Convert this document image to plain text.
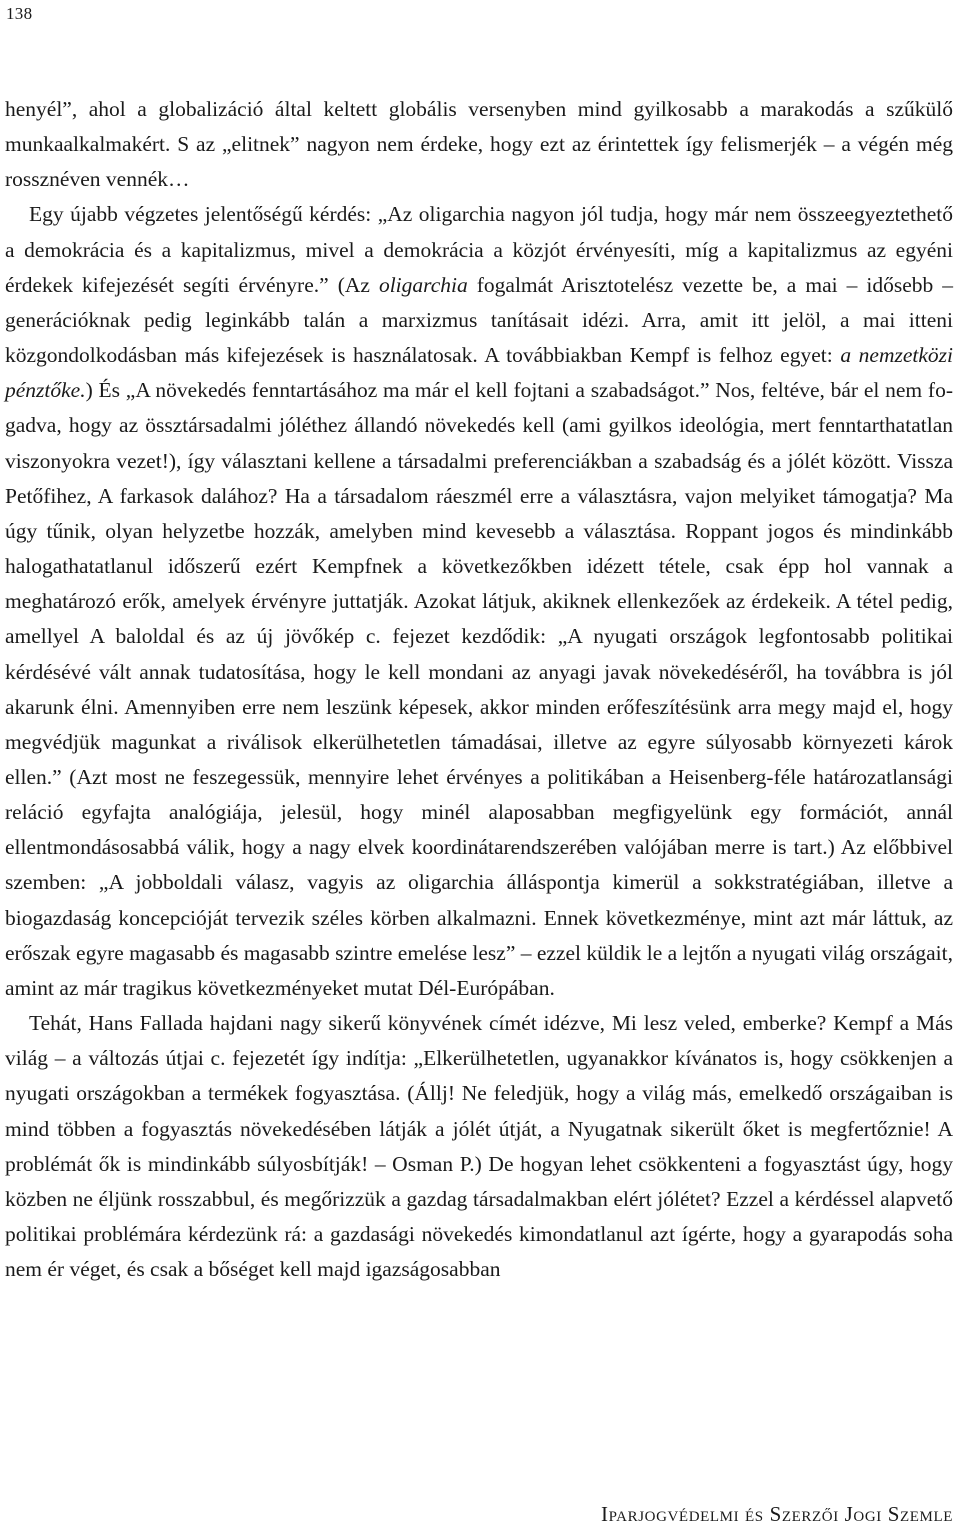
138

henyél”, ahol a globalizáció által keltett globális versenyben mind gyilkosabb a marakodás a szűkülő munkaalkalmakért. S az „elitnek” nagyon nem érdeke, hogy ezt az érintettek így felismerjék – a végén még rossznéven vennék…

Egy újabb végzetes jelentőségű kérdés: „Az oligarchia nagyon jól tudja, hogy már nem összeegyeztethető a demokrácia és a kapitalizmus, mivel a demokrácia a közjót érvényesíti, míg a kapitalizmus az egyéni érdekek kifejezését segíti érvényre.” (Az oligarchia fogalmát Arisztotelész vezette be, a mai – idősebb – generációknak pedig leginkább talán a marxizmus tanításait idézi. Arra, amit itt jelöl, a mai itteni közgondolkodásban más kifejezések is használatosak. A továbbiakban Kempf is felhoz egyet: a nemzetközi pénztőke.) És „A növekedés fenntartásához ma már el kell fojtani a szabadságot.” Nos, feltéve, bár el nem fogadva, hogy az össztársadalmi jóléthez állandó növekedés kell (ami gyilkos ideológia, mert fenntarthatatlan viszonyokra vezet!), így választani kellene a társadalmi preferenciákban a szabadság és a jólét között. Vissza Petőfihez, A farkasok dalához? Ha a társadalom ráeszmél erre a választásra, vajon melyiket támogatja? Ma úgy tűnik, olyan helyzetbe hozzák, amelyben mind kevesebb a választása. Roppant jogos és mindinkább halogathatatlanul időszerű ezért Kempfnek a következőkben idézett tétele, csak épp hol vannak a meghatározó erők, amelyek érvényre juttatják. Azokat látjuk, akiknek ellenkezőek az érdekeik. A tétel pedig, amellyel A baloldal és az új jövőkép c. fejezet kezdődik: „A nyugati országok legfontosabb politikai kérdésévé vált annak tudatosítása, hogy le kell mondani az anyagi javak növekedéséről, ha továbbra is jól akarunk élni. Amennyiben erre nem leszünk képesek, akkor minden erőfeszítésünk arra megy majd el, hogy megvédjük magunkat a riválisok elkerülhetetlen támadásai, illetve az egyre súlyosabb környezeti károk ellen.” (Azt most ne feszegessük, mennyire lehet érvényes a politikában a Heisenberg-féle határozatlansági reláció egyfajta analógiája, jelesül, hogy minél alaposabban megfigyelünk egy formációt, annál ellentmondásosabbá válik, hogy a nagy elvek koordinátarendszerében valójában merre is tart.) Az előbbivel szemben: „A jobboldali válasz, vagyis az oligarchia álláspontja kimerül a sokkstratégiában, illetve a biogazdaság koncepcióját tervezik széles körben alkalmazni. Ennek következménye, mint azt már láttuk, az erőszak egyre magasabb és magasabb szintre emelése lesz” – ezzel küldik le a lejtőn a nyugati világ országait, amint az már tragikus következményeket mutat Dél-Európában.

Tehát, Hans Fallada hajdani nagy sikerű könyvének címét idézve, Mi lesz veled, emberke? Kempf a Más világ – a változás útjai c. fejezetét így indítja: „Elkerülhetetlen, ugyanakkor kívánatos is, hogy csökkenjen a nyugati országokban a termékek fogyasztása. (Állj! Ne feledjük, hogy a világ más, emelkedő országaiban is mind többen a fogyasztás növekedésében látják a jólét útját, a Nyugatnak sikerült őket is megfertőznie! A problémát ők is mindinkább súlyosbítják! – Osman P.) De hogyan lehet csökkenteni a fogyasztást úgy, hogy közben ne éljünk rosszabbul, és megőrizzük a gazdag társadalmakban elért jólétet? Ezzel a kérdéssel alapvető politikai problémára kérdezünk rá: a gazdasági növekedés kimondatlanul azt ígérte, hogy a gyarapodás soha nem ér véget, és csak a bőséget kell majd igazságosabban

Iparjogvédelmi és Szerzői Jogi Szemle
